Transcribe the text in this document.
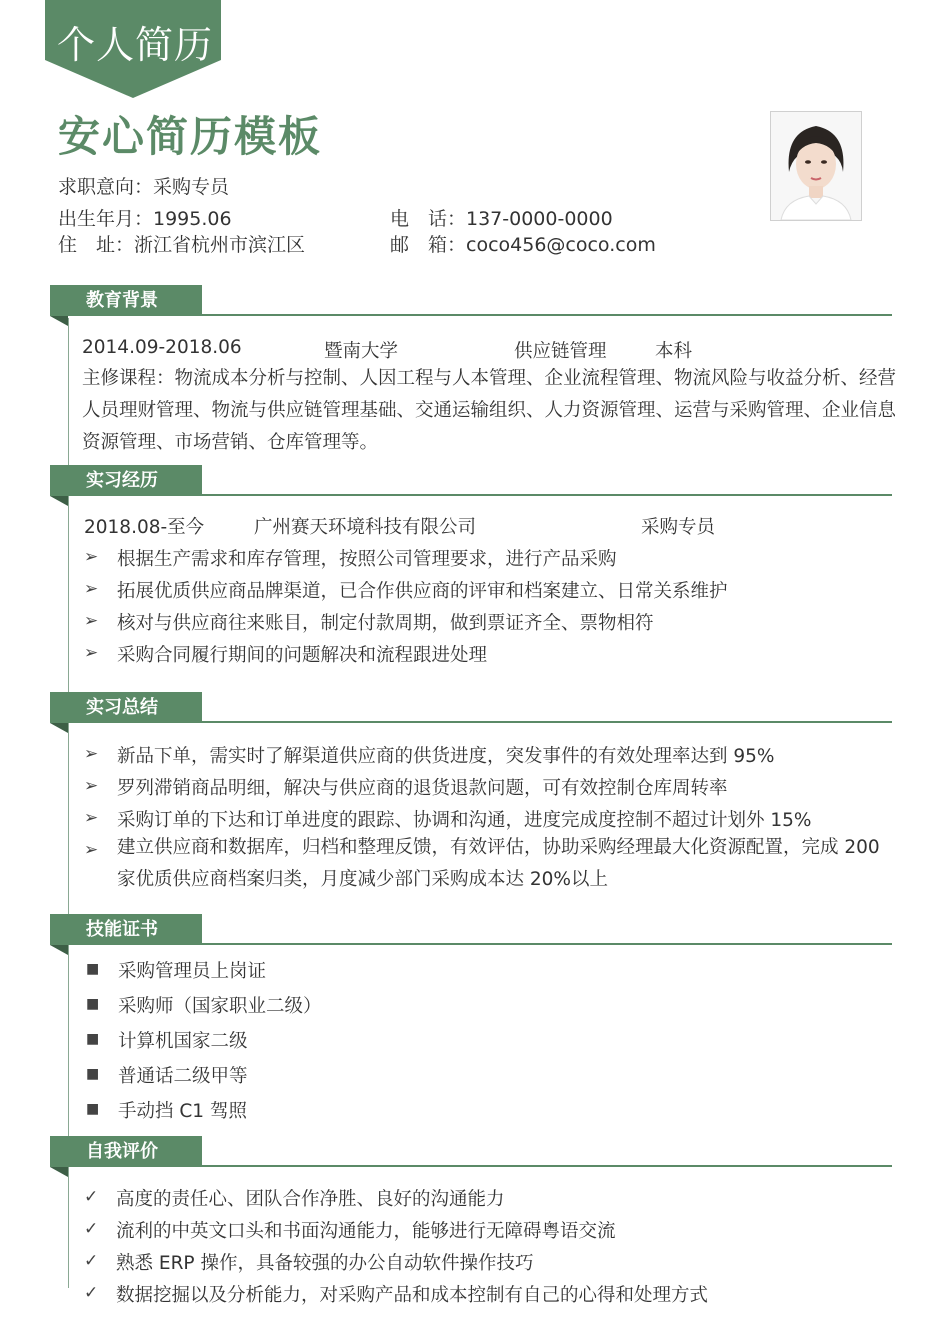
个人简历
安心简历模板
求职意向：采购专员
出生年月：1995.06
住　址：浙江省杭州市滨江区
电　话：137-0000-0000
邮　箱：coco456@coco.com
教育背景
2014.09-2018.06	暨南大学	供应链管理	本科
主修课程：物流成本分析与控制、人因工程与人本管理、企业流程管理、物流风险与收益分析、经营人员理财管理、物流与供应链管理基础、交通运输组织、人力资源管理、运营与采购管理、企业信息资源管理、市场营销、仓库管理等。
实习经历
2018.08-至今	广州赛天环境科技有限公司	采购专员
➢ 根据生产需求和库存管理，按照公司管理要求，进行产品采购
➢ 拓展优质供应商品牌渠道，已合作供应商的评审和档案建立、日常关系维护
➢ 核对与供应商往来账目，制定付款周期，做到票证齐全、票物相符
➢ 采购合同履行期间的问题解决和流程跟进处理
实习总结
➢ 新品下单，需实时了解渠道供应商的供货进度，突发事件的有效处理率达到 95%
➢ 罗列滞销商品明细，解决与供应商的退货退款问题，可有效控制仓库周转率
➢ 采购订单的下达和订单进度的跟踪、协调和沟通，进度完成度控制不超过计划外 15%
➢ 建立供应商和数据库，归档和整理反馈，有效评估，协助采购经理最大化资源配置，完成 200 家优质供应商档案归类，月度减少部门采购成本达 20%以上
技能证书
■ 采购管理员上岗证
■ 采购师（国家职业二级）
■ 计算机国家二级
■ 普通话二级甲等
■ 手动挡 C1 驾照
自我评价
✓ 高度的责任心、团队合作净胜、良好的沟通能力
✓ 流利的中英文口头和书面沟通能力，能够进行无障碍粤语交流
✓ 熟悉 ERP 操作，具备较强的办公自动软件操作技巧
✓ 数据挖掘以及分析能力，对采购产品和成本控制有自己的心得和处理方式
